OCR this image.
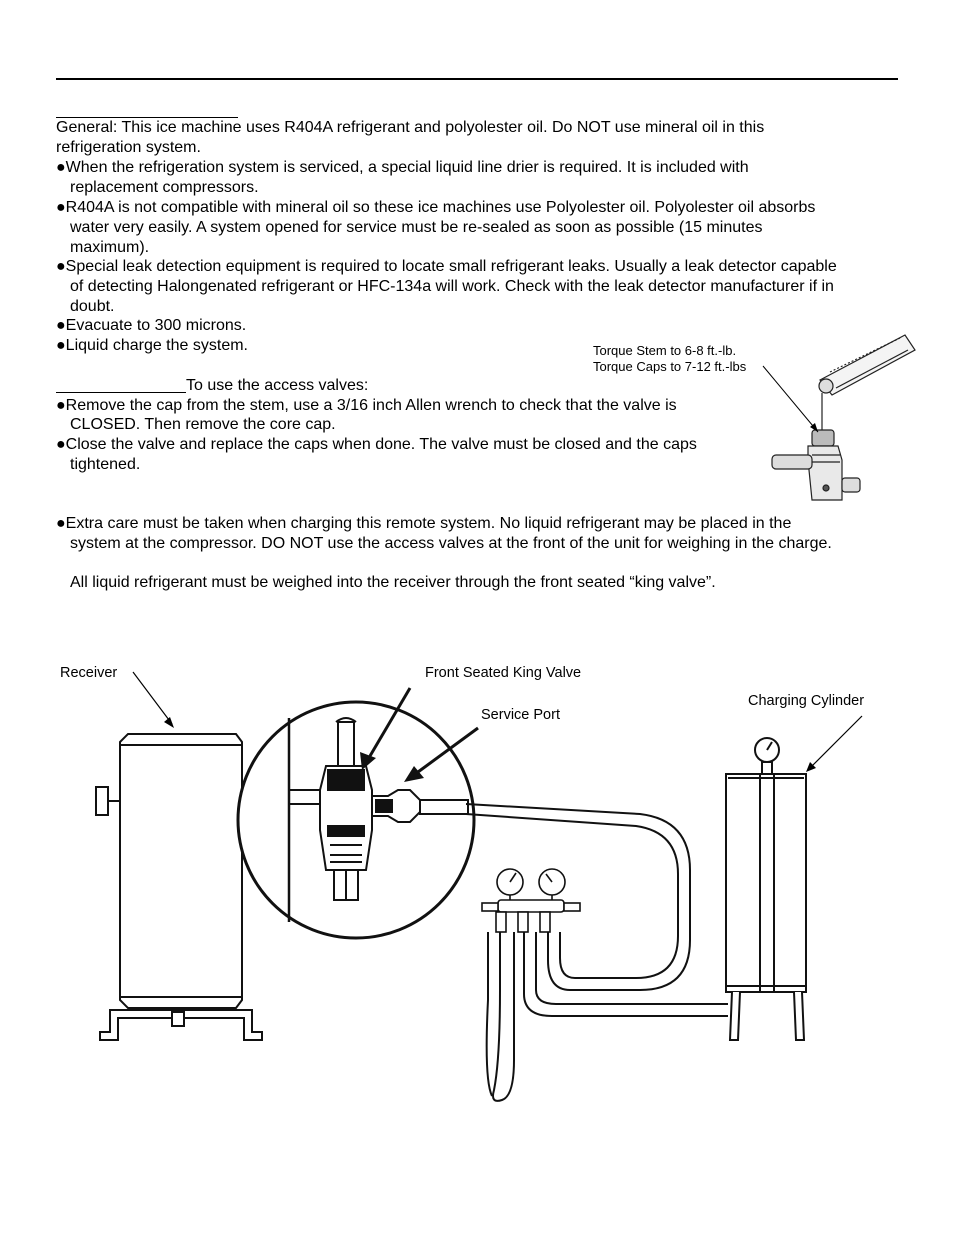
General: This ice machine uses R404A refrigerant and polyolester oil. Do NOT use mineral oil in this
refrigeration system.
●When the refrigeration system is serviced, a special liquid line drier is required. It is included with
replacement compressors.
●R404A is not compatible with mineral oil so these ice machines use Polyolester oil. Polyolester oil absorbs
water very easily. A system opened for service must be re-sealed as soon as possible (15 minutes
maximum).
●Special leak detection equipment is required to locate small refrigerant leaks. Usually a leak detector capable
of detecting Halongenated refrigerant or HFC-134a will work. Check with the leak detector manufacturer if in
doubt.
●Evacuate to 300 microns.
●Liquid charge the system.
To use the access valves:
●Remove the cap from the stem, use a 3/16 inch Allen wrench to check that the valve is
CLOSED. Then remove the core cap.
●Close the valve and replace the caps when done. The valve must be closed and the caps
tightened.
Torque Stem to 6-8 ft.-lb.
Torque Caps to 7-12 ft.-lbs
●Extra care must be taken when charging this remote system. No liquid refrigerant may be placed in the
system at the compressor. DO NOT use the access valves at the front of the unit for weighing in the charge.
All liquid refrigerant must be weighed into the receiver through the front seated “king valve”.
Receiver	Front Seated King Valve
Service Port
Charging Cylinder
